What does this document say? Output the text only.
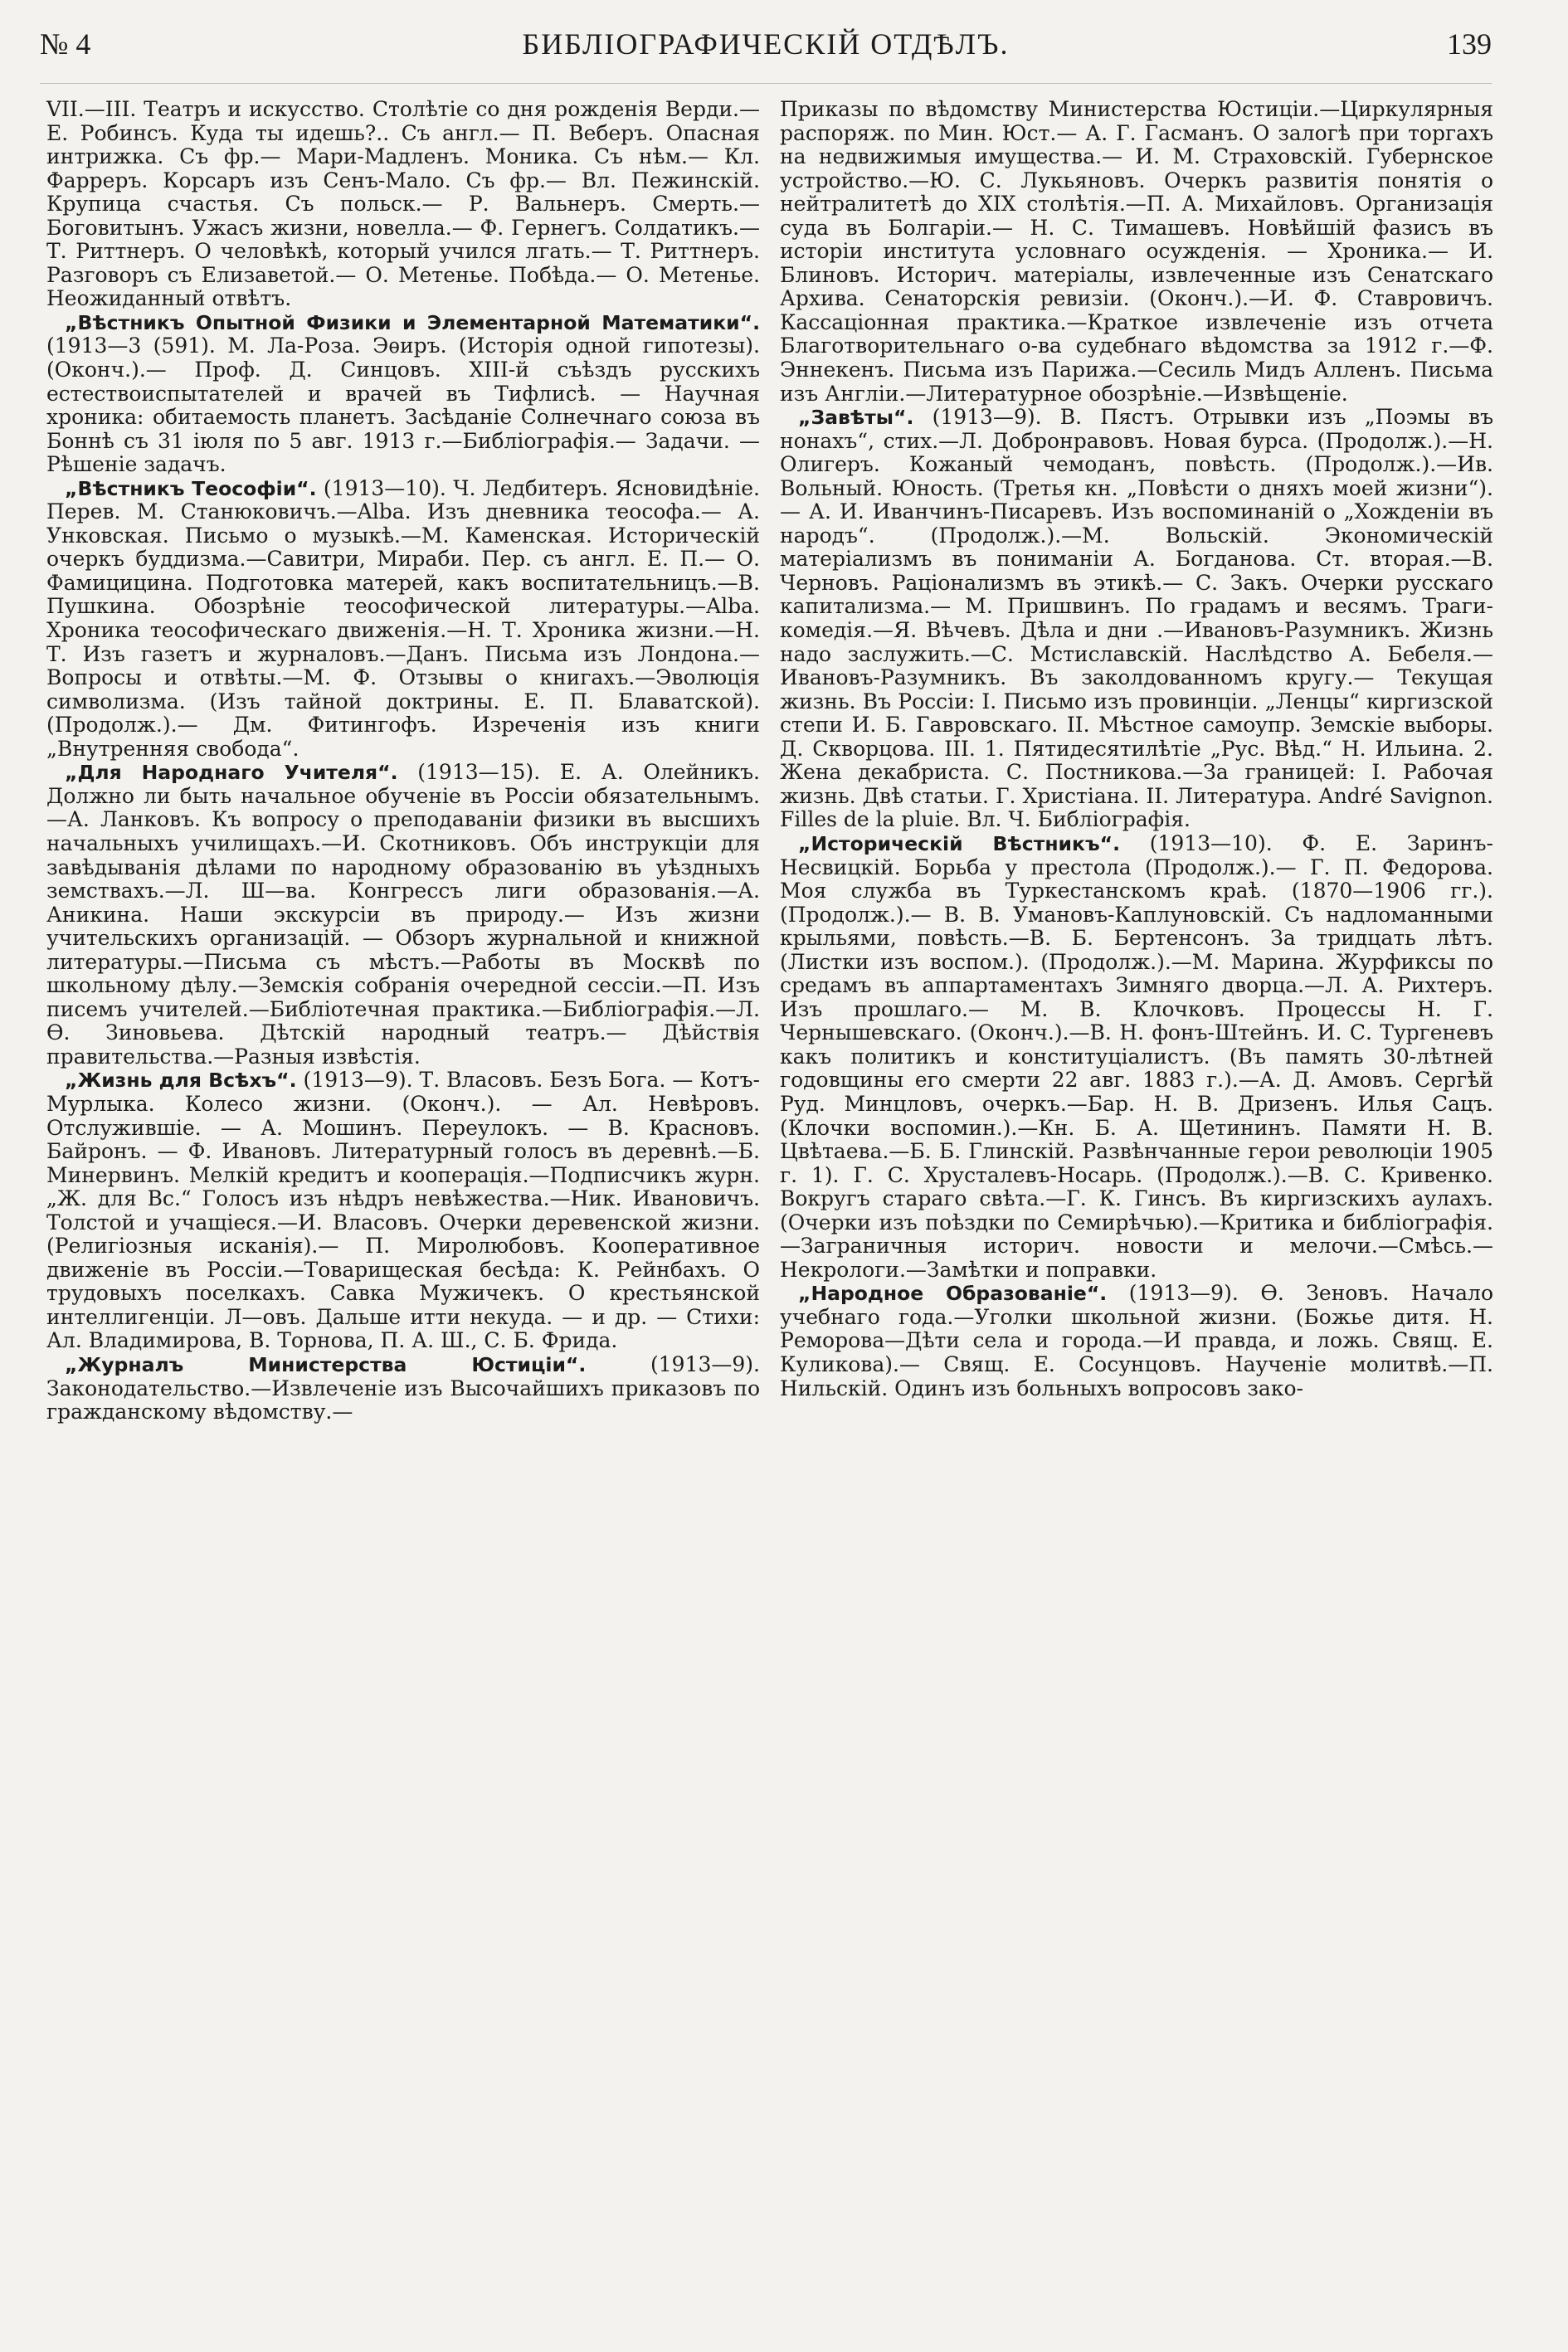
№ 4	БИБЛІОГРАФИЧЕСКІЙ ОТДѢЛЪ.	139

VII.—III. Театръ и искусство. Столѣтіе со дня рожденія Верди.— Е. Робинсъ. Куда ты идешь?.. Съ англ.— П. Веберъ. Опасная интрижка. Съ фр.— Мари-Мадленъ. Моника. Съ нѣм.— Кл. Фарреръ. Корсаръ изъ Сенъ-Мало. Съ фр.— Вл. Пежинскій. Крупица счастья. Съ польск.— Р. Вальнеръ. Смерть.— Боговитынъ. Ужасъ жизни, новелла.— Ф. Гернегъ. Солдатикъ.— Т. Риттнеръ. О человѣкѣ, который учился лгать.— Т. Риттнеръ. Разговоръ съ Елизаветой.— О. Метенье. Побѣда.— О. Метенье. Неожиданный отвѣтъ.

„Вѣстникъ Опытной Физики и Элементарной Математики“. (1913—3 (591). М. Ла-Роза. Эѳиръ. (Исторія одной гипотезы). (Оконч.).— Проф. Д. Синцовъ. XIII-й съѣздъ русскихъ естествоиспытателей и врачей въ Тифлисѣ. — Научная хроника: обитаемость планетъ. Засѣданіе Солнечнаго союза въ Боннѣ съ 31 іюля по 5 авг. 1913 г.—Библіографія.— Задачи. — Рѣшеніе задачъ.

„Вѣстникъ Теософіи“. (1913—10). Ч. Ледбитеръ. Ясновидѣніе. Перев. М. Станюковичъ.—Alba. Изъ дневника теософа.— А. Унковская. Письмо о музыкѣ.—М. Каменская. Историческій очеркъ буддизма.—Савитри, Мираби. Пер. съ англ. Е. П.— О. Фамицицина. Подготовка матерей, какъ воспитательницъ.—В. Пушкина. Обозрѣніе теософической литературы.—Alba. Хроника теософическаго движенія.—Н. Т. Хроника жизни.—Н. Т. Изъ газетъ и журналовъ.—Данъ. Письма изъ Лондона.—Вопросы и отвѣты.—М. Ф. Отзывы о книгахъ.—Эволюція символизма. (Изъ тайной доктрины. Е. П. Блаватской). (Продолж.).— Дм. Фитингофъ. Изреченія изъ книги „Внутренняя свобода“.

„Для Народнаго Учителя“. (1913—15). Е. А. Олейникъ. Должно ли быть начальное обученіе въ Россіи обязательнымъ.—А. Ланковъ. Къ вопросу о преподаваніи физики въ высшихъ начальныхъ училищахъ.—И. Скотниковъ. Объ инструкціи для завѣдыванія дѣлами по народному образованію въ уѣздныхъ земствахъ.—Л. Ш—ва. Конгрессъ лиги образованія.—А. Аникина. Наши экскурсіи въ природу.— Изъ жизни учительскихъ организацій. — Обзоръ журнальной и книжной литературы.—Письма съ мѣстъ.—Работы въ Москвѣ по школьному дѣлу.—Земскія собранія очередной сессіи.—П. Изъ писемъ учителей.—Библіотечная практика.—Библіографія.—Л. Ѳ. Зиновьева. Дѣтскій народный театръ.— Дѣйствія правительства.—Разныя извѣстія.

„Жизнь для Всѣхъ“. (1913—9). Т. Власовъ. Безъ Бога. — Котъ-Мурлыка. Колесо жизни. (Оконч.). — Ал. Невѣровъ. Отслужившіе. — А. Мошинъ. Переулокъ. — В. Красновъ. Байронъ. — Ф. Ивановъ. Литературный голосъ въ деревнѣ.—Б. Минервинъ. Мелкій кредитъ и кооперація.—Подписчикъ журн. „Ж. для Вс.“ Голосъ изъ нѣдръ невѣжества.—Ник. Ивановичъ. Толстой и учащіеся.—И. Власовъ. Очерки деревенской жизни. (Религіозныя исканія).— П. Миролюбовъ. Кооперативное движеніе въ Россіи.—Товарищеская бесѣда: К. Рейнбахъ. О трудовыхъ поселкахъ. Савка Мужичекъ. О крестьянской интеллигенціи. Л—овъ. Дальше итти некуда. — и др. — Стихи: Ал. Владимирова, В. Торнова, П. А. Ш., С. Б. Фрида.

„Журналъ Министерства Юстиціи“. (1913—9). Законодательство.—Извлеченіе изъ Высочайшихъ приказовъ по гражданскому вѣдомству.—

Приказы по вѣдомству Министерства Юстиціи.—Циркулярныя распоряж. по Мин. Юст.— А. Г. Гасманъ. О залогѣ при торгахъ на недвижимыя имущества.— И. М. Страховскій. Губернское устройство.—Ю. С. Лукьяновъ. Очеркъ развитія понятія о нейтралитетѣ до XIX столѣтія.—П. А. Михайловъ. Организація суда въ Болгаріи.— Н. С. Тимашевъ. Новѣйшій фазисъ въ исторіи института условнаго осужденія. — Хроника.— И. Блиновъ. Историч. матеріалы, извлеченные изъ Сенатскаго Архива. Сенаторскія ревизіи. (Оконч.).—И. Ф. Ставровичъ. Кассаціонная практика.—Краткое извлеченіе изъ отчета Благотворительнаго о-ва судебнаго вѣдомства за 1912 г.—Ф. Эннекенъ. Письма изъ Парижа.—Сесиль Мидъ Алленъ. Письма изъ Англіи.—Литературное обозрѣніе.—Извѣщеніе.

„Завѣты“. (1913—9). В. Пястъ. Отрывки изъ „Поэмы въ нонахъ“, стих.—Л. Добронравовъ. Новая бурса. (Продолж.).—Н. Олигеръ. Кожаный чемоданъ, повѣсть. (Продолж.).—Ив. Вольный. Юность. (Третья кн. „Повѣсти о дняхъ моей жизни“).— А. И. Иванчинъ-Писаревъ. Изъ воспоминаній о „Хожденіи въ народъ“. (Продолж.).—М. Вольскій. Экономическій матеріализмъ въ пониманіи А. Богданова. Ст. вторая.—В. Черновъ. Раціонализмъ въ этикѣ.— С. Закъ. Очерки русскаго капитализма.— М. Пришвинъ. По градамъ и весямъ. Траги-комедія.—Я. Вѣчевъ. Дѣла и дни .—Ивановъ-Разумникъ. Жизнь надо заслужить.—С. Мстиславскій. Наслѣдство А. Бебеля.—Ивановъ-Разумникъ. Въ заколдованномъ кругу.— Текущая жизнь. Въ Россіи: I. Письмо изъ провинціи. „Ленцы“ киргизской степи И. Б. Гавровскаго. II. Мѣстное самоупр. Земскіе выборы. Д. Скворцова. III. 1. Пятидесятилѣтіе „Рус. Вѣд.“ Н. Ильина. 2. Жена декабриста. С. Постникова.—За границей: I. Рабочая жизнь. Двѣ статьи. Г. Христіана. II. Литература. André Savignon. Filles de la pluie. Вл. Ч. Библіографія.

„Историческій Вѣстникъ“. (1913—10). Ф. Е. Заринъ-Несвицкій. Борьба у престола (Продолж.).— Г. П. Федорова. Моя служба въ Туркестанскомъ краѣ. (1870—1906 гг.). (Продолж.).— В. В. Умановъ-Каплуновскій. Съ надломанными крыльями, повѣсть.—В. Б. Бертенсонъ. За тридцать лѣтъ. (Листки изъ воспом.). (Продолж.).—М. Марина. Журфиксы по средамъ въ аппартаментахъ Зимняго дворца.—Л. А. Рихтеръ. Изъ прошлаго.— М. В. Клочковъ. Процессы Н. Г. Чернышевскаго. (Оконч.).—В. Н. фонъ-Штейнъ. И. С. Тургеневъ какъ политикъ и конституціалистъ. (Въ память 30-лѣтней годовщины его смерти 22 авг. 1883 г.).—А. Д. Амовъ. Сергѣй Руд. Минцловъ, очеркъ.—Бар. Н. В. Дризенъ. Илья Сацъ. (Клочки воспомин.).—Кн. Б. А. Щетининъ. Памяти Н. В. Цвѣтаева.—Б. Б. Глинскій. Развѣнчанные герои революціи 1905 г. 1). Г. С. Хрусталевъ-Носарь. (Продолж.).—В. С. Кривенко. Вокругъ стараго свѣта.—Г. К. Гинсъ. Въ киргизскихъ аулахъ. (Очерки изъ поѣздки по Семирѣчью).—Критика и библіографія.—Заграничныя историч. новости и мелочи.—Смѣсь.—Некрологи.—Замѣтки и поправки.

„Народное Образованіе“. (1913—9). Ѳ. Зеновъ. Начало учебнаго года.—Уголки школьной жизни. (Божье дитя. Н. Реморова—Дѣти села и города.—И правда, и ложь. Свящ. Е. Куликова).— Свящ. Е. Сосунцовъ. Наученіе молитвѣ.—П. Нильскій. Одинъ изъ больныхъ вопросовъ зако-
